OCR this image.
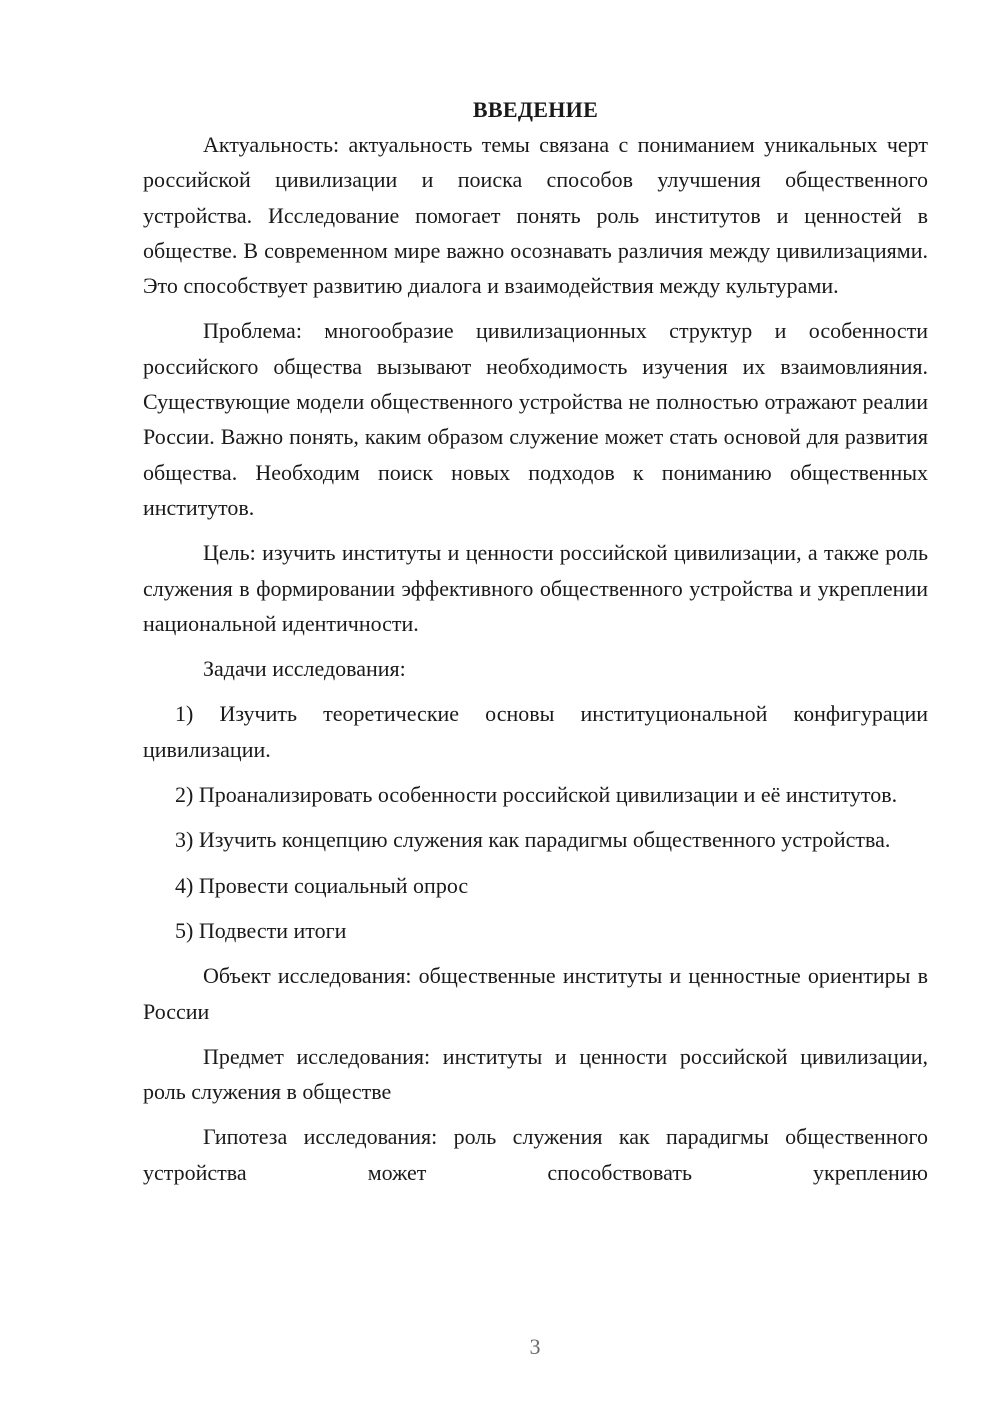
ВВЕДЕНИЕ

Актуальность: актуальность темы связана с пониманием уникальных черт российской цивилизации и поиска способов улучшения общественного устройства. Исследование помогает понять роль институтов и ценностей в обществе. В современном мире важно осознавать различия между цивилизациями. Это способствует развитию диалога и взаимодействия между культурами.

Проблема: многообразие цивилизационных структур и особенности российского общества вызывают необходимость изучения их взаимовлияния. Существующие модели общественного устройства не полностью отражают реалии России. Важно понять, каким образом служение может стать основой для развития общества. Необходим поиск новых подходов к пониманию общественных институтов.

Цель: изучить институты и ценности российской цивилизации, а также роль служения в формировании эффективного общественного устройства и укреплении национальной идентичности.

Задачи исследования:

1) Изучить теоретические основы институциональной конфигурации цивилизации.

2) Проанализировать особенности российской цивилизации и её институтов.

3) Изучить концепцию служения как парадигмы общественного устройства.

4) Провести социальный опрос

5) Подвести итоги

Объект исследования: общественные институты и ценностные ориентиры в России

Предмет исследования: институты и ценности российской цивилизации, роль служения в обществе

Гипотеза исследования: роль служения как парадигмы общественного устройства может способствовать укреплению

3
